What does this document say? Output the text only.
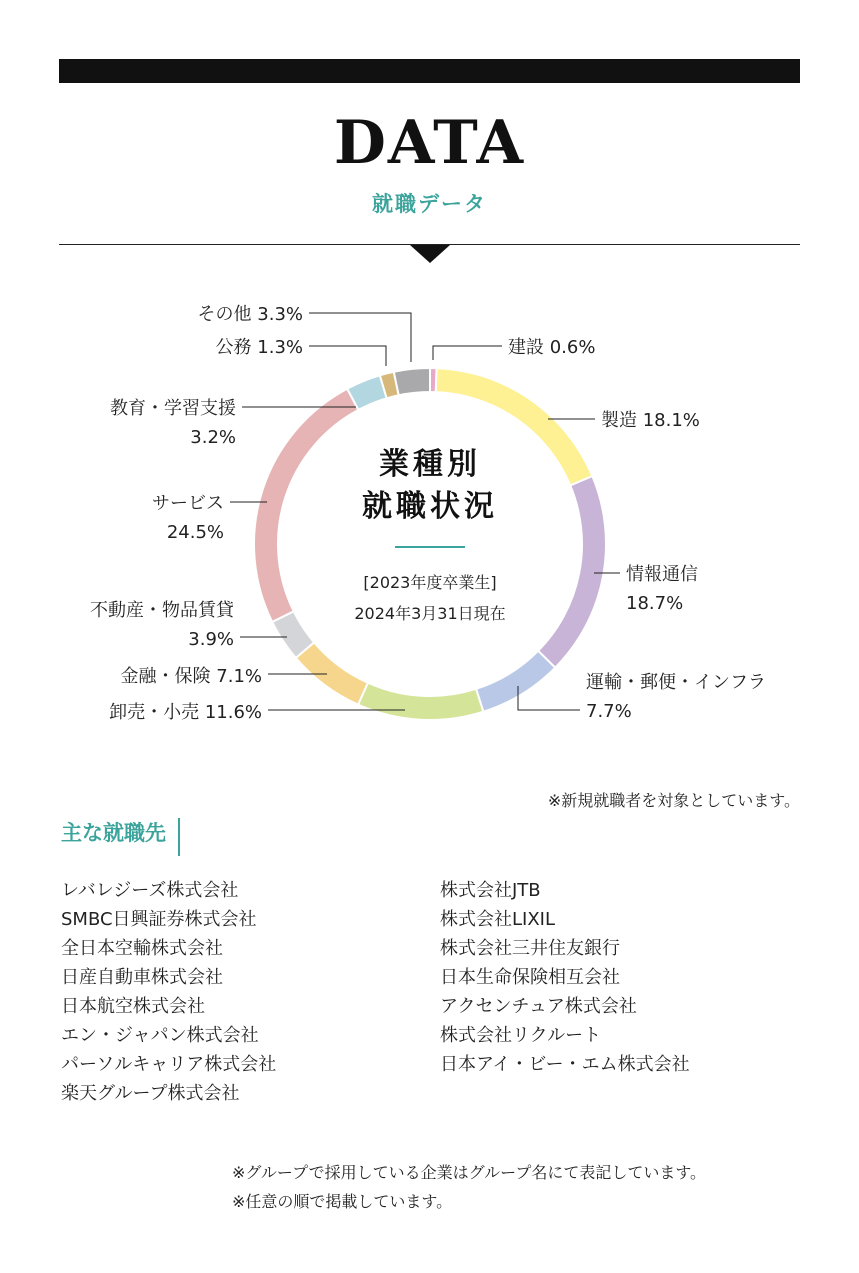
DATA
就職データ
建設 0.6%
製造 18.1%
情報通信
18.7%
運輸・郵便・インフラ
7.7%
卸売・小売 11.6%
金融・保険 7.1%
不動産・物品賃貸
3.9%
サービス
24.5%
教育・学習支援
3.2%
公務 1.3%
その他 3.3%
業種別
就職状況
[2023年度卒業生]
2024年3月31日現在
※新規就職者を対象としています。
主な就職先
レバレジーズ株式会社
SMBC日興証券株式会社
全日本空輸株式会社
日産自動車株式会社
日本航空株式会社
エン・ジャパン株式会社
パーソルキャリア株式会社
楽天グループ株式会社
株式会社JTB
株式会社LIXIL
株式会社三井住友銀行
日本生命保険相互会社
アクセンチュア株式会社
株式会社リクルート
日本アイ・ビー・エム株式会社
※グループで採用している企業はグループ名にて表記しています。
※任意の順で掲載しています。
